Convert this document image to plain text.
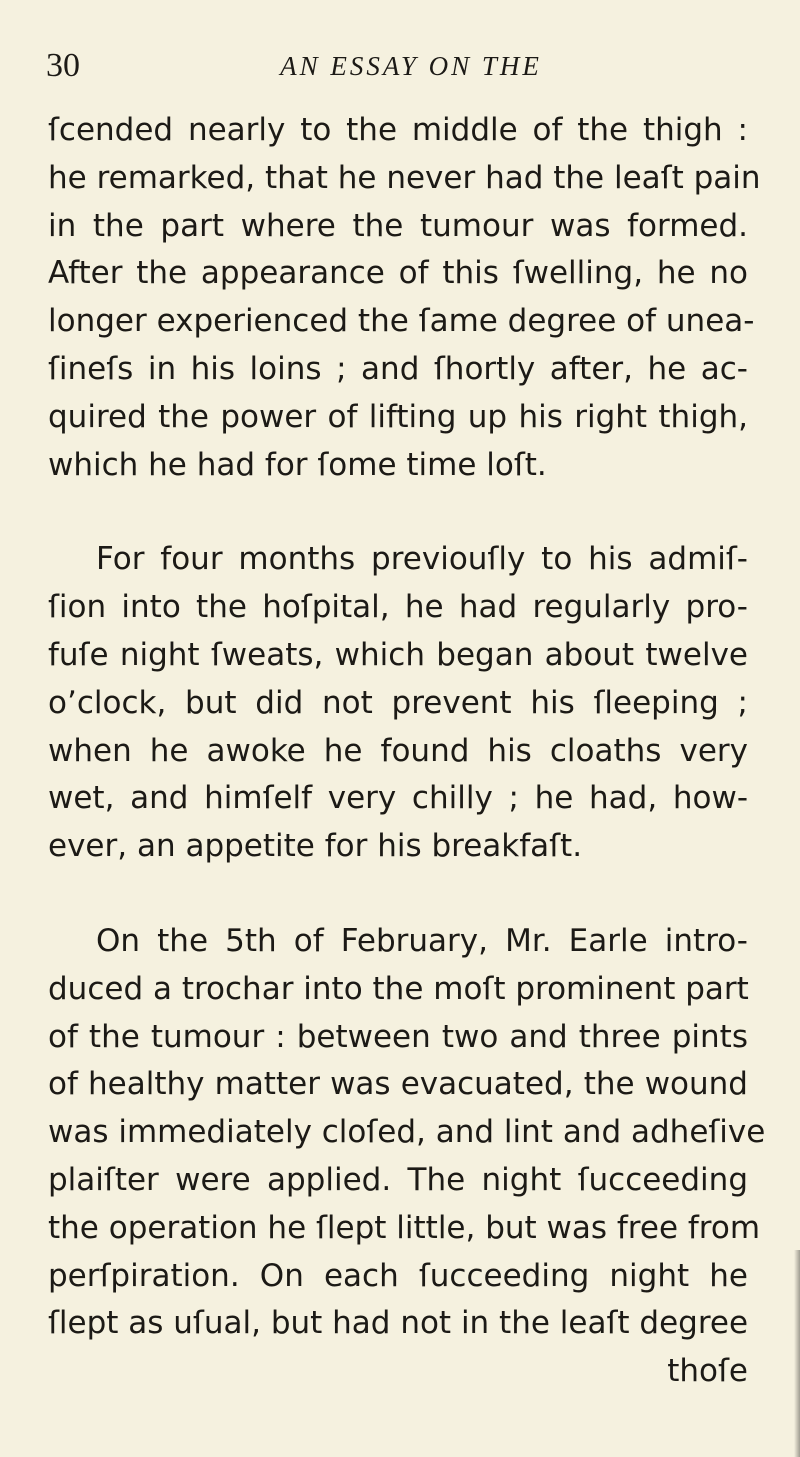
30	AN ESSAY ON THE
ſcended nearly to the middle of the thigh :
he remarked, that he never had the leaſt pain
in the part where the tumour was formed.
After the appearance of this ſwelling, he no
longer experienced the ſame degree of unea-
ſineſs in his loins ; and ſhortly after, he ac-
quired the power of lifting up his right thigh,
which he had for ſome time loſt.
For four months previouſly to his admiſ-
ſion into the hoſpital, he had regularly pro-
fuſe night ſweats, which began about twelve
o’clock, but did not prevent his ſleeping ;
when he awoke he found his cloaths very
wet, and himſelf very chilly ; he had, how-
ever, an appetite for his breakfaſt.
On the 5th of February, Mr. Earle intro-
duced a trochar into the moſt prominent part
of the tumour : between two and three pints
of healthy matter was evacuated, the wound
was immediately cloſed, and lint and adheſive
plaiſter were applied. The night ſucceeding
the operation he ſlept little, but was free from
perſpiration. On each ſucceeding night he
ſlept as uſual, but had not in the leaſt degree
thoſe
